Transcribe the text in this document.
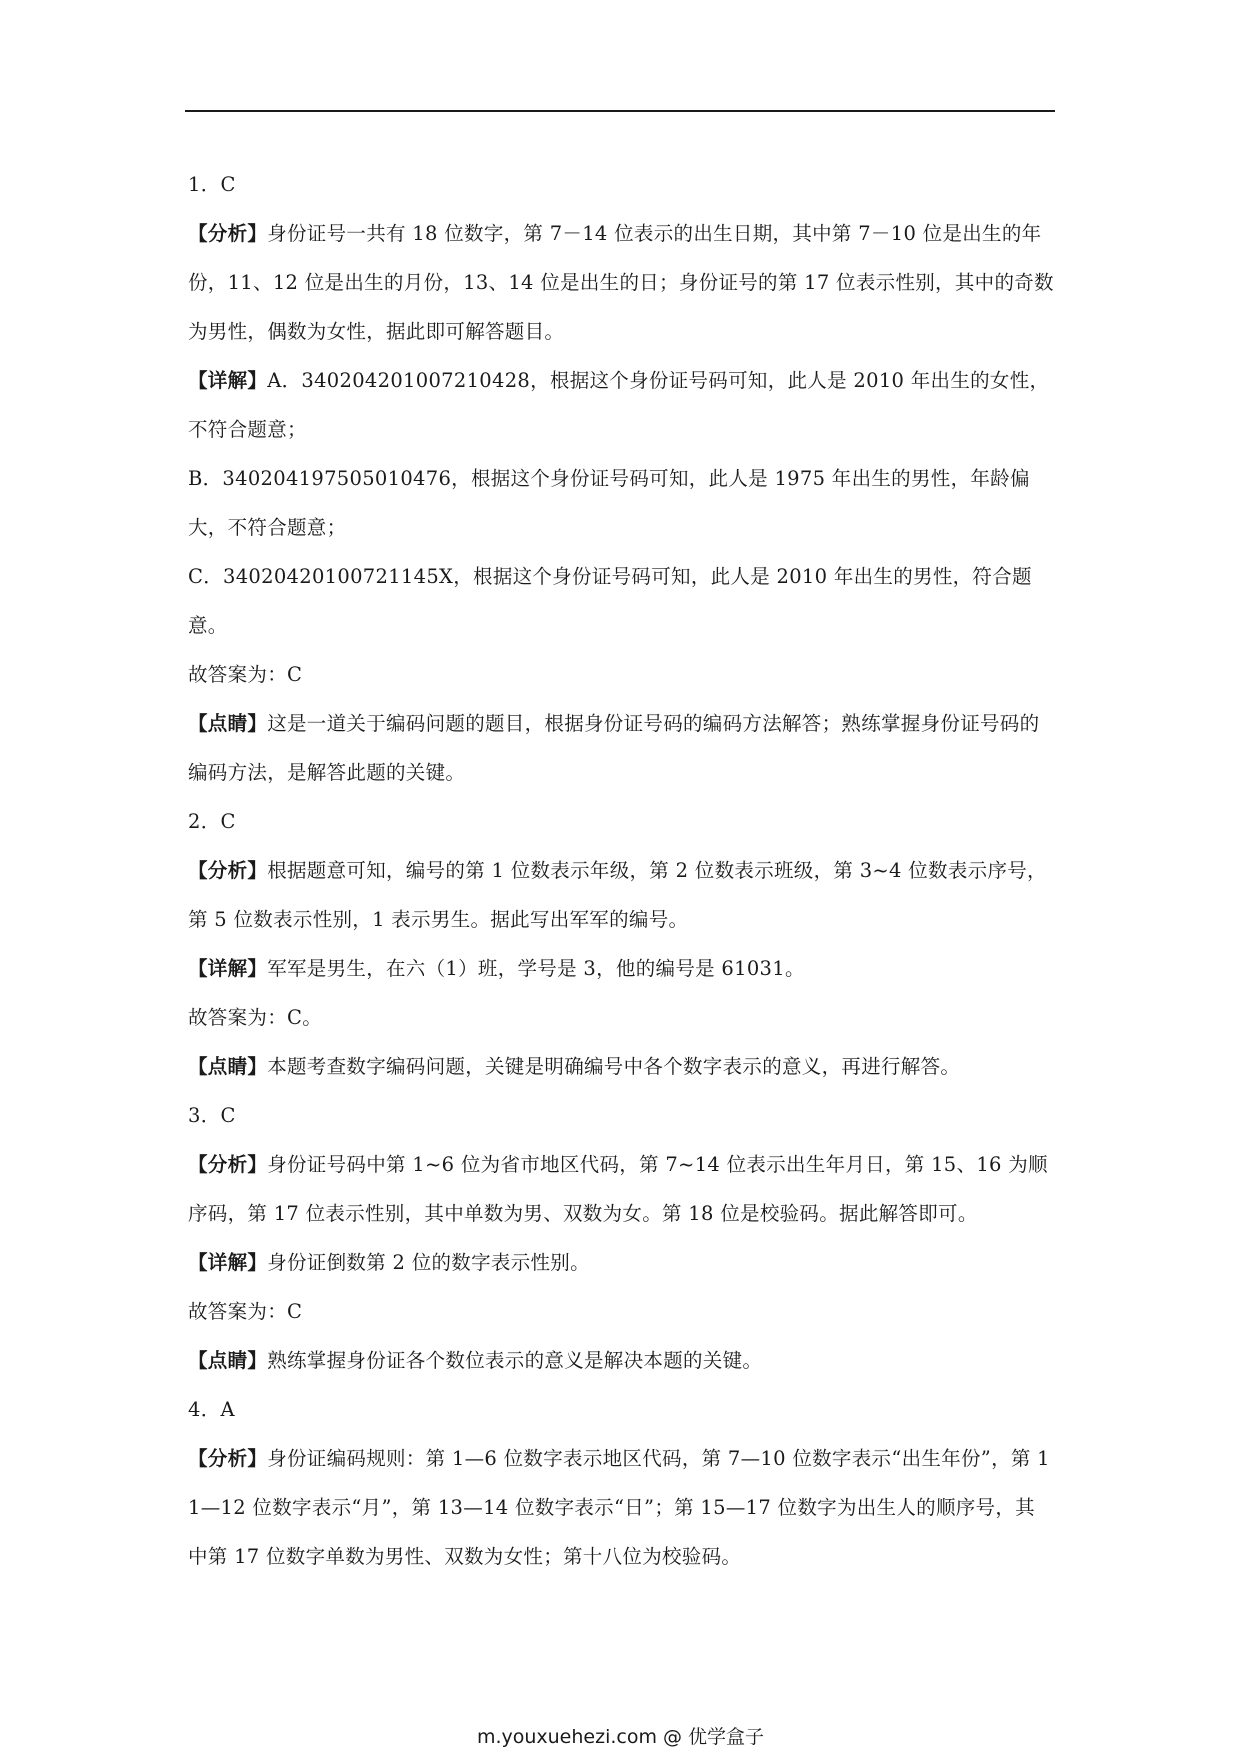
1．C

【分析】身份证号一共有 18 位数字，第 7－14 位表示的出生日期，其中第 7－10 位是出生的年份，11、12 位是出生的月份，13、14 位是出生的日；身份证号的第 17 位表示性别，其中的奇数为男性，偶数为女性，据此即可解答题目。

【详解】A．340204201007210428，根据这个身份证号码可知，此人是 2010 年出生的女性，不符合题意；

B．340204197505010476，根据这个身份证号码可知，此人是 1975 年出生的男性，年龄偏大，不符合题意；

C．34020420100721145X，根据这个身份证号码可知，此人是 2010 年出生的男性，符合题意。

故答案为：C

【点睛】这是一道关于编码问题的题目，根据身份证号码的编码方法解答；熟练掌握身份证号码的编码方法，是解答此题的关键。

2．C

【分析】根据题意可知，编号的第 1 位数表示年级，第 2 位数表示班级，第 3~4 位数表示序号，第 5 位数表示性别，1 表示男生。据此写出军军的编号。

【详解】军军是男生，在六（1）班，学号是 3，他的编号是 61031。

故答案为：C。

【点睛】本题考查数字编码问题，关键是明确编号中各个数字表示的意义，再进行解答。

3．C

【分析】身份证号码中第 1~6 位为省市地区代码，第 7~14 位表示出生年月日，第 15、16 为顺序码，第 17 位表示性别，其中单数为男、双数为女。第 18 位是校验码。据此解答即可。

【详解】身份证倒数第 2 位的数字表示性别。

故答案为：C

【点睛】熟练掌握身份证各个数位表示的意义是解决本题的关键。

4．A

【分析】身份证编码规则：第 1—6 位数字表示地区代码，第 7—10 位数字表示“出生年份”，第 11—12 位数字表示“月”，第 13—14 位数字表示“日”；第 15—17 位数字为出生人的顺序号，其中第 17 位数字单数为男性、双数为女性；第十八位为校验码。

m.youxuehezi.com @ 优学盒子
